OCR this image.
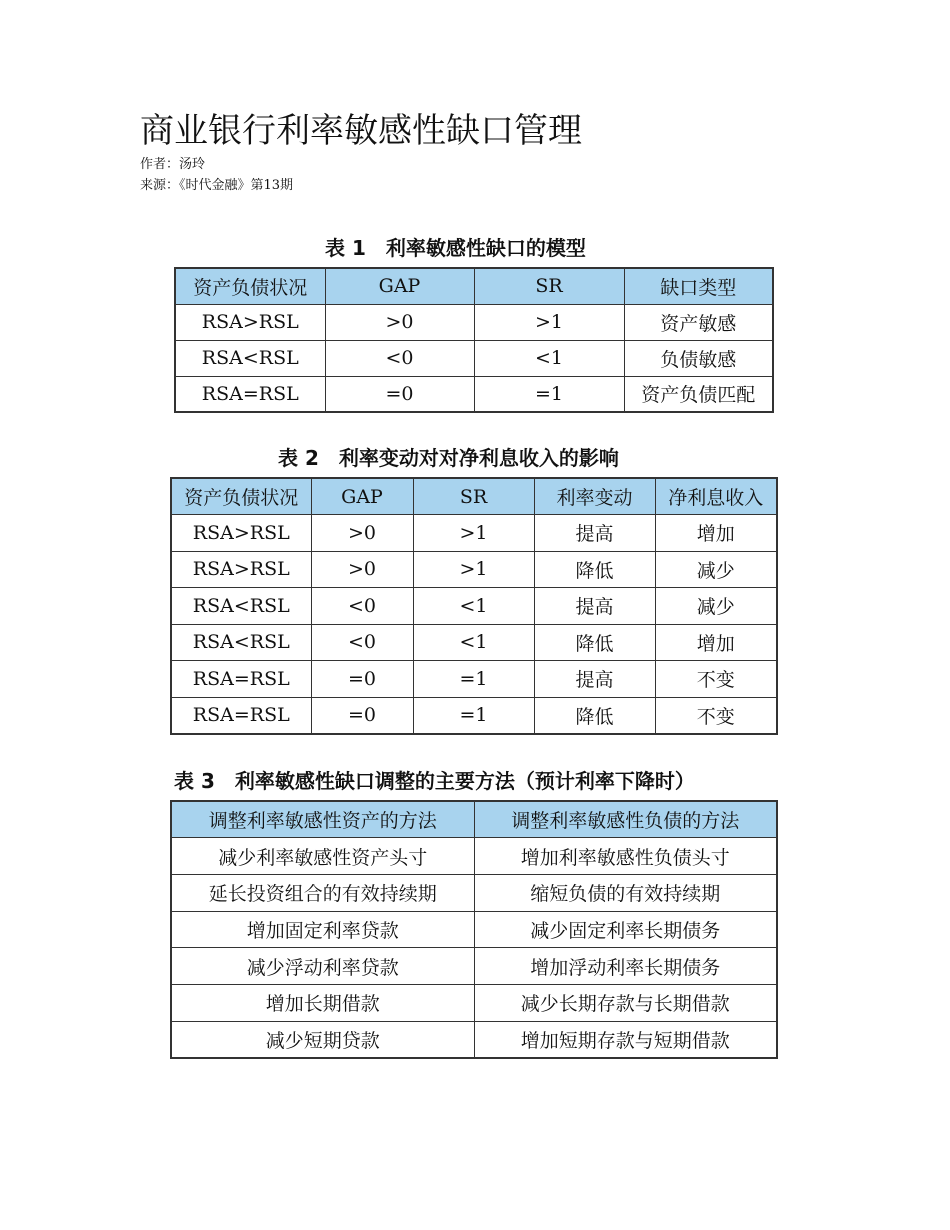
商业银行利率敏感性缺口管理
作者：汤玲
来源：《时代金融》第13期
表 1　利率敏感性缺口的模型
资产负债状况	GAP	SR	缺口类型
RSA>RSL	>0	>1	资产敏感
RSA<RSL	<0	<1	负债敏感
RSA=RSL	=0	=1	资产负债匹配
表 2　利率变动对对净利息收入的影响
资产负债状况	GAP	SR	利率变动	净利息收入
RSA>RSL	>0	>1	提高	增加
RSA>RSL	>0	>1	降低	减少
RSA<RSL	<0	<1	提高	减少
RSA<RSL	<0	<1	降低	增加
RSA=RSL	=0	=1	提高	不变
RSA=RSL	=0	=1	降低	不变
表 3　利率敏感性缺口调整的主要方法（预计利率下降时）
调整利率敏感性资产的方法	调整利率敏感性负债的方法
减少利率敏感性资产头寸	增加利率敏感性负债头寸
延长投资组合的有效持续期	缩短负债的有效持续期
增加固定利率贷款	减少固定利率长期债务
减少浮动利率贷款	增加浮动利率长期债务
增加长期借款	减少长期存款与长期借款
减少短期贷款	增加短期存款与短期借款
